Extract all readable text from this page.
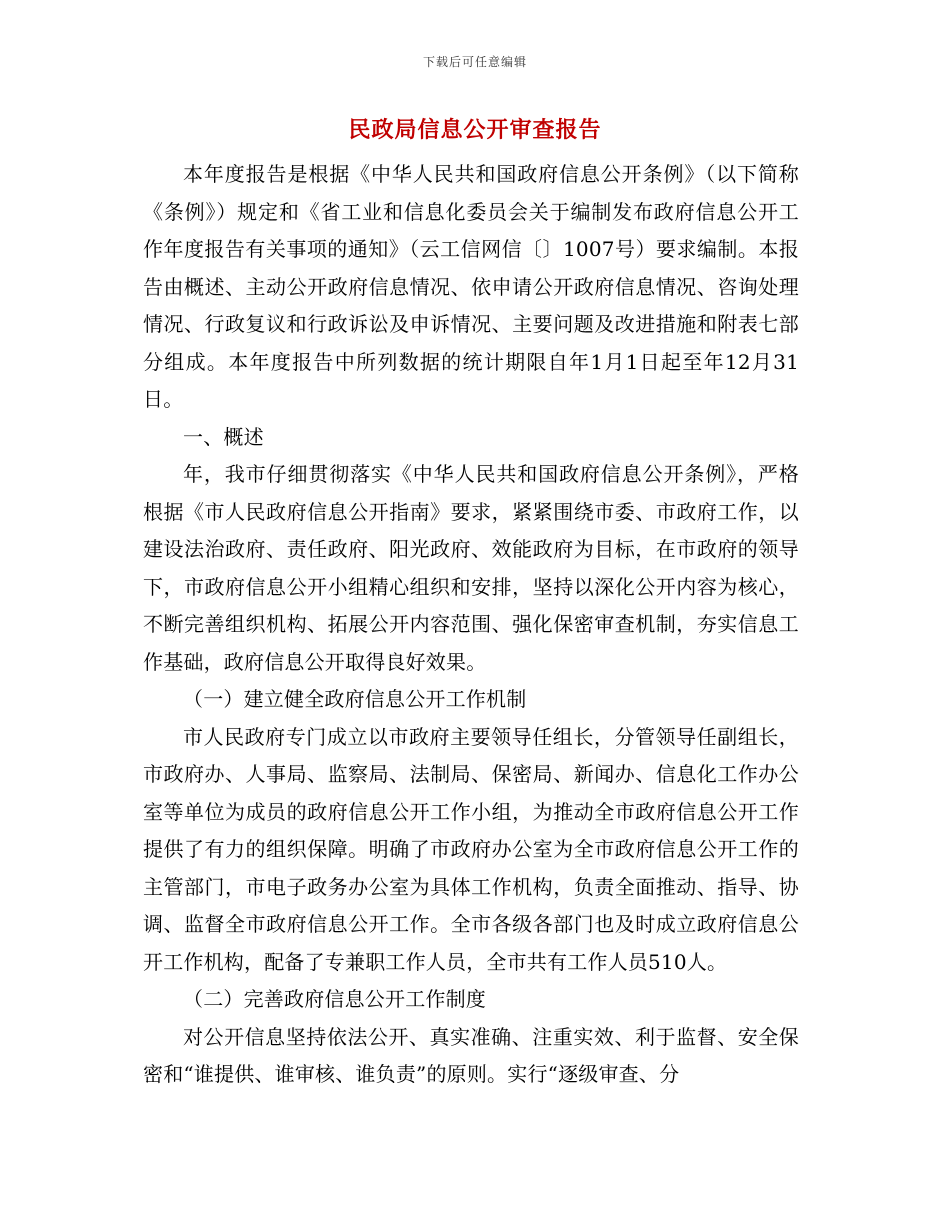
下载后可任意编辑
民政局信息公开审查报告

本年度报告是根据《中华人民共和国政府信息公开条例》（以下简称《条例》）规定和《省工业和信息化委员会关于编制发布政府信息公开工作年度报告有关事项的通知》（云工信网信〔〕1007号）要求编制。本报告由概述、主动公开政府信息情况、依申请公开政府信息情况、咨询处理情况、行政复议和行政诉讼及申诉情况、主要问题及改进措施和附表七部分组成。本年度报告中所列数据的统计期限自年1月1日起至年12月31日。

一、概述

年，我市仔细贯彻落实《中华人民共和国政府信息公开条例》，严格根据《市人民政府信息公开指南》要求，紧紧围绕市委、市政府工作，以建设法治政府、责任政府、阳光政府、效能政府为目标，在市政府的领导下，市政府信息公开小组精心组织和安排，坚持以深化公开内容为核心，不断完善组织机构、拓展公开内容范围、强化保密审查机制，夯实信息工作基础，政府信息公开取得良好效果。

（一）建立健全政府信息公开工作机制

市人民政府专门成立以市政府主要领导任组长，分管领导任副组长，市政府办、人事局、监察局、法制局、保密局、新闻办、信息化工作办公室等单位为成员的政府信息公开工作小组，为推动全市政府信息公开工作提供了有力的组织保障。明确了市政府办公室为全市政府信息公开工作的主管部门，市电子政务办公室为具体工作机构，负责全面推动、指导、协调、监督全市政府信息公开工作。全市各级各部门也及时成立政府信息公开工作机构，配备了专兼职工作人员，全市共有工作人员510人。

（二）完善政府信息公开工作制度

对公开信息坚持依法公开、真实准确、注重实效、利于监督、安全保密和“谁提供、谁审核、谁负责”的原则。实行“逐级审查、分
